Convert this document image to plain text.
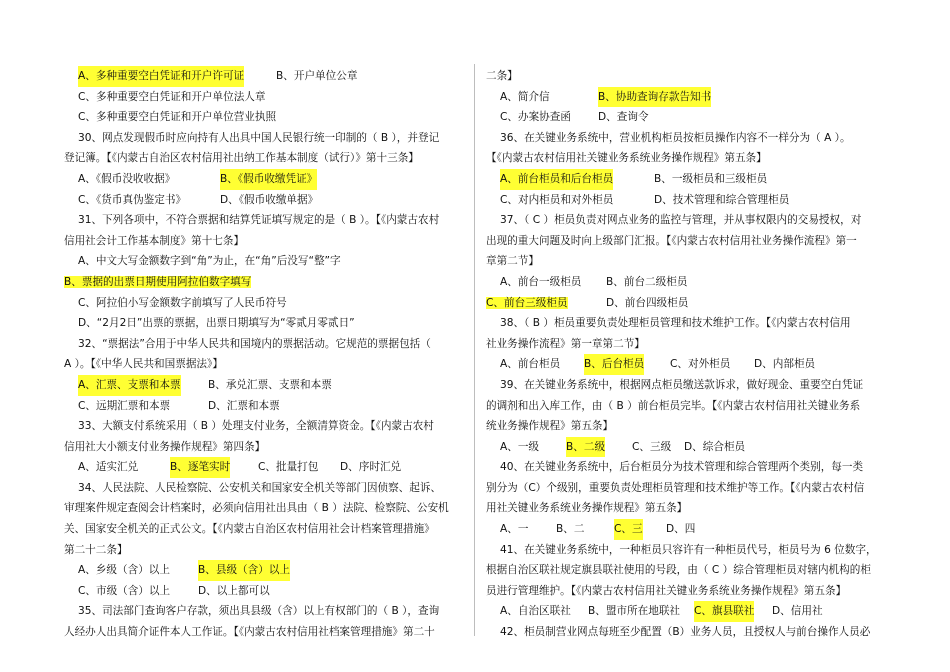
A、多种重要空白凭证和开户许可证	B、开户单位公章
C、多种重要空白凭证和开户单位法人章
C、多种重要空白凭证和开户单位营业执照
30、网点发现假币时应向持有人出具中国人民银行统一印制的（ B ），并登记
登记簿。【《内蒙古自治区农村信用社出纳工作基本制度（试行）》第十三条】
A、《假币没收收据》	B、《假币收缴凭证》
C、《货币真伪鉴定书》	D、《假币收缴单据》
31、下列各项中，不符合票据和结算凭证填写规定的是（ B ）。【《内蒙古农村
信用社会计工作基本制度》第十七条】
A、中文大写金额数字到“角”为止，在“角”后没写“整”字
B、票据的出票日期使用阿拉伯数字填写
C、阿拉伯小写金额数字前填写了人民币符号
D、“2月2日”出票的票据，出票日期填写为“零贰月零贰日”
32、“票据法”合用于中华人民共和国境内的票据活动。它规范的票据包括（
A ）。【《中华人民共和国票据法》】
A、汇票、支票和本票	B、承兑汇票、支票和本票
C、远期汇票和本票	D、汇票和本票
33、大额支付系统采用（ B ）处理支付业务，全额清算资金。【《内蒙古农村
信用社大小额支付业务操作规程》第四条】
A、适实汇兑	B、逐笔实时	C、批量打包 D、序时汇兑
34、人民法院、人民检察院、公安机关和国家安全机关等部门因侦察、起诉、
审理案件规定查阅会计档案时，必须向信用社出具由（ B ）法院、检察院、公安机
关、国家安全机关的正式公文。【《内蒙古自治区农村信用社会计档案管理措施》
第二十二条】
A、乡级（含）以上	B、县级（含）以上
C、市级（含）以上	D、以上都可以
35、司法部门查询客户存款，须出具县级（含）以上有权部门的（ B ），查询
人经办人出具简介证件本人工作证。【《内蒙古农村信用社档案管理措施》第二十
二条】
A、简介信	B、协助查询存款告知书
C、办案协查函	D、查询令
36、在关键业务系统中，营业机构柜员按柜员操作内容不一样分为（ A ）。
【《内蒙古农村信用社关键业务系统业务操作规程》第五条】
A、前台柜员和后台柜员	B、一级柜员和三级柜员
C、对内柜员和对外柜员	D、技术管理和综合管理柜员
37、（ C ）柜员负责对网点业务的监控与管理，并从事权限内的交易授权，对
出现的重大问题及时向上级部门汇报。【《内蒙古农村信用社业务操作流程》第一
章第二节】
A、前台一级柜员 B、前台二级柜员
C、前台三级柜员	D、前台四级柜员
38、（ B ）柜员重要负责处理柜员管理和技术维护工作。【《内蒙古农村信用
社业务操作流程》第一章第二节】
A、前台柜员 B、后台柜员 C、对外柜员 D、内部柜员
39、在关键业务系统中，根据网点柜员缴送款诉求，做好现金、重要空白凭证
的调剂和出入库工作，由（ B ）前台柜员完毕。【《内蒙古农村信用社关键业务系
统业务操作规程》第五条】
A、一级	B、二级	C、三级 D、综合柜员
40、在关键业务系统中，后台柜员分为技术管理和综合管理两个类别，每一类
别分为（C）个级别，重要负责处理柜员管理和技术维护等工作。【《内蒙古农村信
用社关键业务系统业务操作规程》第五条】
A、一	B、二	C、三 D、四
41、在关键业务系统中，一种柜员只容许有一种柜员代号，柜员号为 6 位数字，
根据自治区联社规定旗县联社使用的号段，由（ C ）综合管理柜员对辖内机构的柜
员进行管理维护。【《内蒙古农村信用社关键业务系统业务操作规程》第五条】
A、自治区联社 B、盟市所在地联社 C、旗县联社 D、信用社
42、柜员制营业网点每班至少配置（B）业务人员，且授权人与前台操作人员必
